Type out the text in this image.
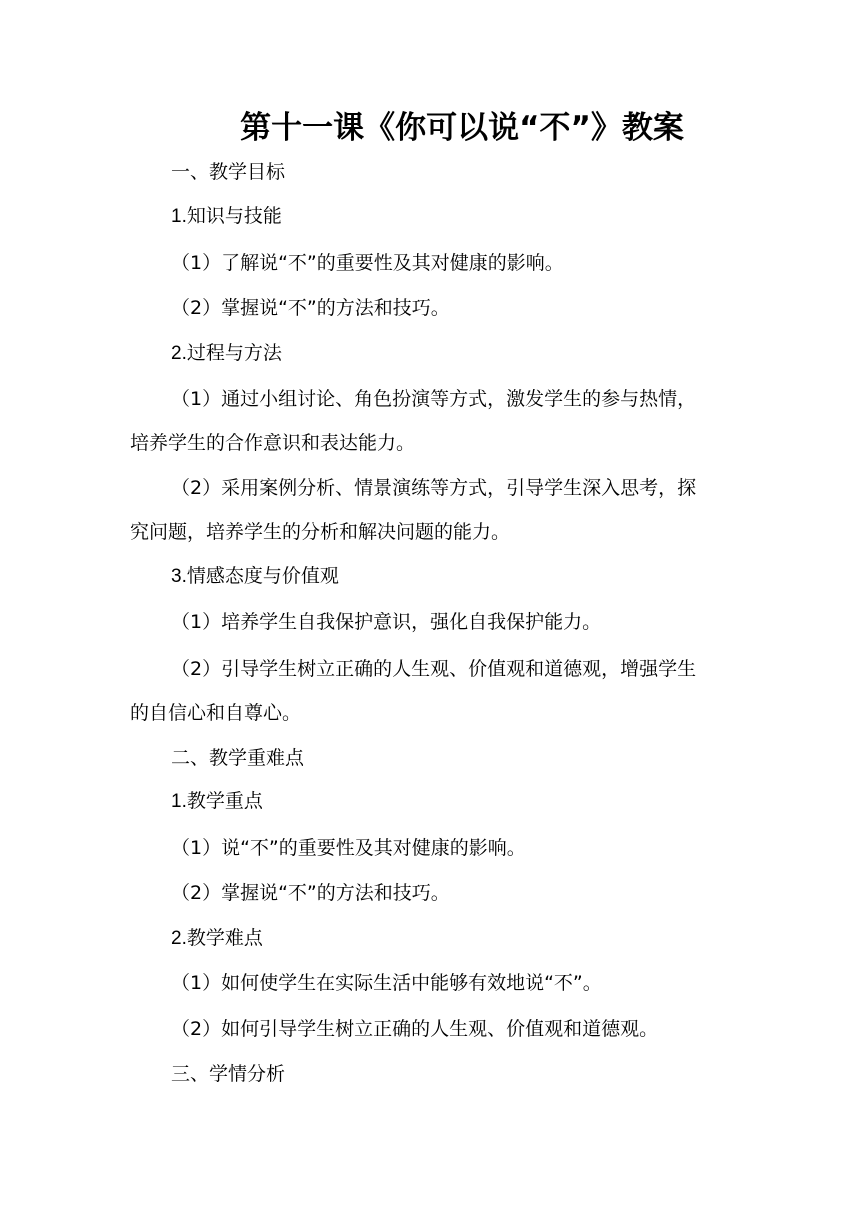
第十一课《你可以说“不”》教案
一、教学目标
1.知识与技能
（1）了解说“不”的重要性及其对健康的影响。
（2）掌握说“不”的方法和技巧。
2.过程与方法
（1）通过小组讨论、角色扮演等方式，激发学生的参与热情，
培养学生的合作意识和表达能力。
（2）采用案例分析、情景演练等方式，引导学生深入思考，探
究问题，培养学生的分析和解决问题的能力。
3.情感态度与价值观
（1）培养学生自我保护意识，强化自我保护能力。
（2）引导学生树立正确的人生观、价值观和道德观，增强学生
的自信心和自尊心。
二、教学重难点
1.教学重点
（1）说“不”的重要性及其对健康的影响。
（2）掌握说“不”的方法和技巧。
2.教学难点
（1）如何使学生在实际生活中能够有效地说“不”。
（2）如何引导学生树立正确的人生观、价值观和道德观。
三、学情分析
